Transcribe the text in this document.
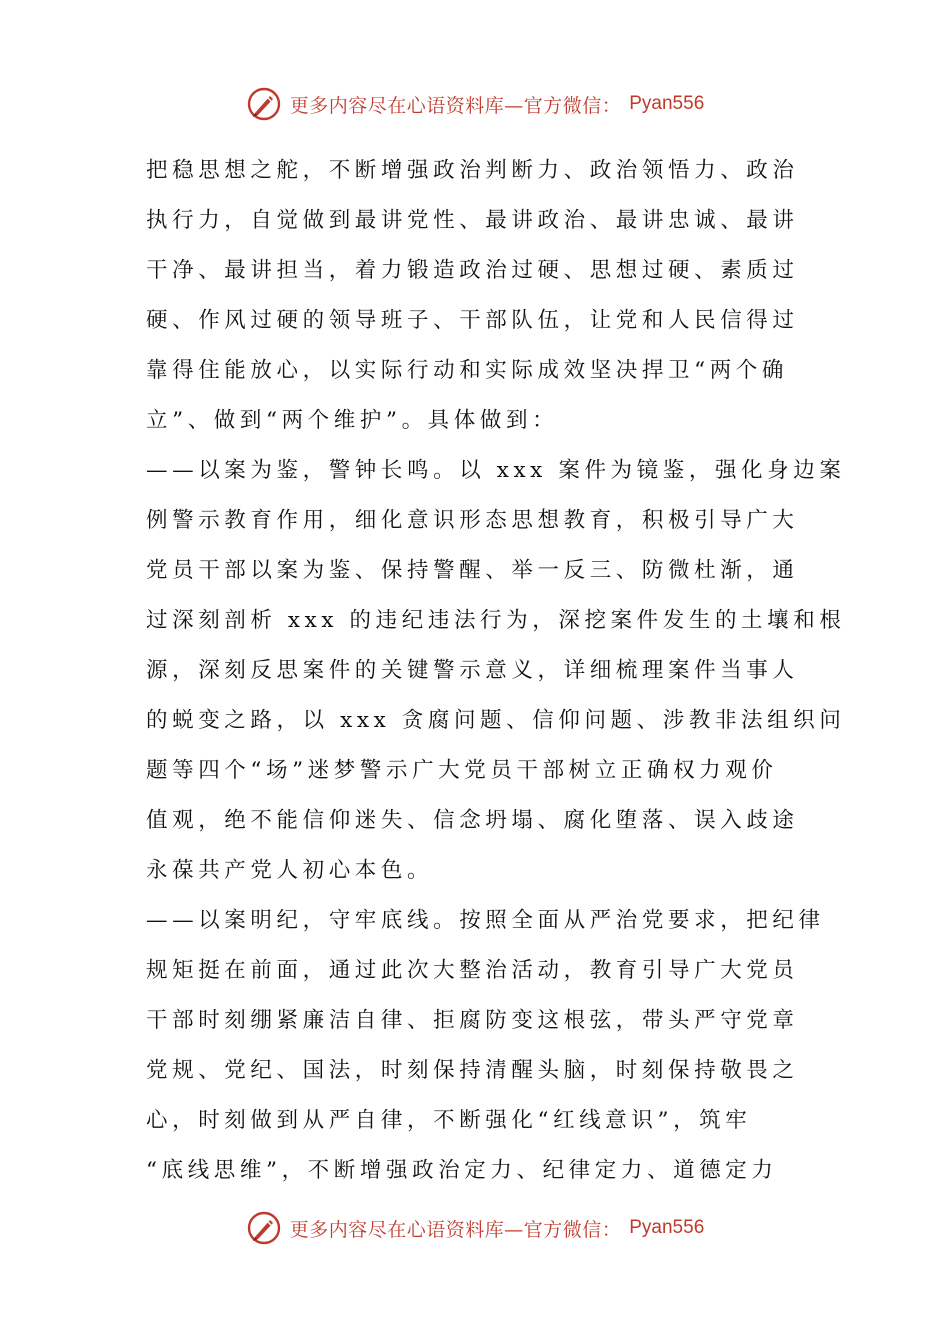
更多内容尽在心语资料库—官方微信： Pyan556
把稳思想之舵，不断增强政治判断力、政治领悟力、政治
执行力，自觉做到最讲党性、最讲政治、最讲忠诚、最讲
干净、最讲担当，着力锻造政治过硬、思想过硬、素质过
硬、作风过硬的领导班子、干部队伍，让党和人民信得过
靠得住能放心，以实际行动和实际成效坚决捍卫“两个确
立”、做到“两个维护”。具体做到：
——以案为鉴，警钟长鸣。以 xxx 案件为镜鉴，强化身边案
例警示教育作用，细化意识形态思想教育，积极引导广大
党员干部以案为鉴、保持警醒、举一反三、防微杜渐，通
过深刻剖析 xxx 的违纪违法行为，深挖案件发生的土壤和根
源，深刻反思案件的关键警示意义，详细梳理案件当事人
的蜕变之路，以 xxx 贪腐问题、信仰问题、涉教非法组织问
题等四个“场”迷梦警示广大党员干部树立正确权力观价
值观，绝不能信仰迷失、信念坍塌、腐化堕落、误入歧途
永葆共产党人初心本色。
——以案明纪，守牢底线。按照全面从严治党要求，把纪律
规矩挺在前面，通过此次大整治活动，教育引导广大党员
干部时刻绷紧廉洁自律、拒腐防变这根弦，带头严守党章
党规、党纪、国法，时刻保持清醒头脑，时刻保持敬畏之
心，时刻做到从严自律，不断强化“红线意识”，筑牢
“底线思维”，不断增强政治定力、纪律定力、道德定力
更多内容尽在心语资料库—官方微信： Pyan556
